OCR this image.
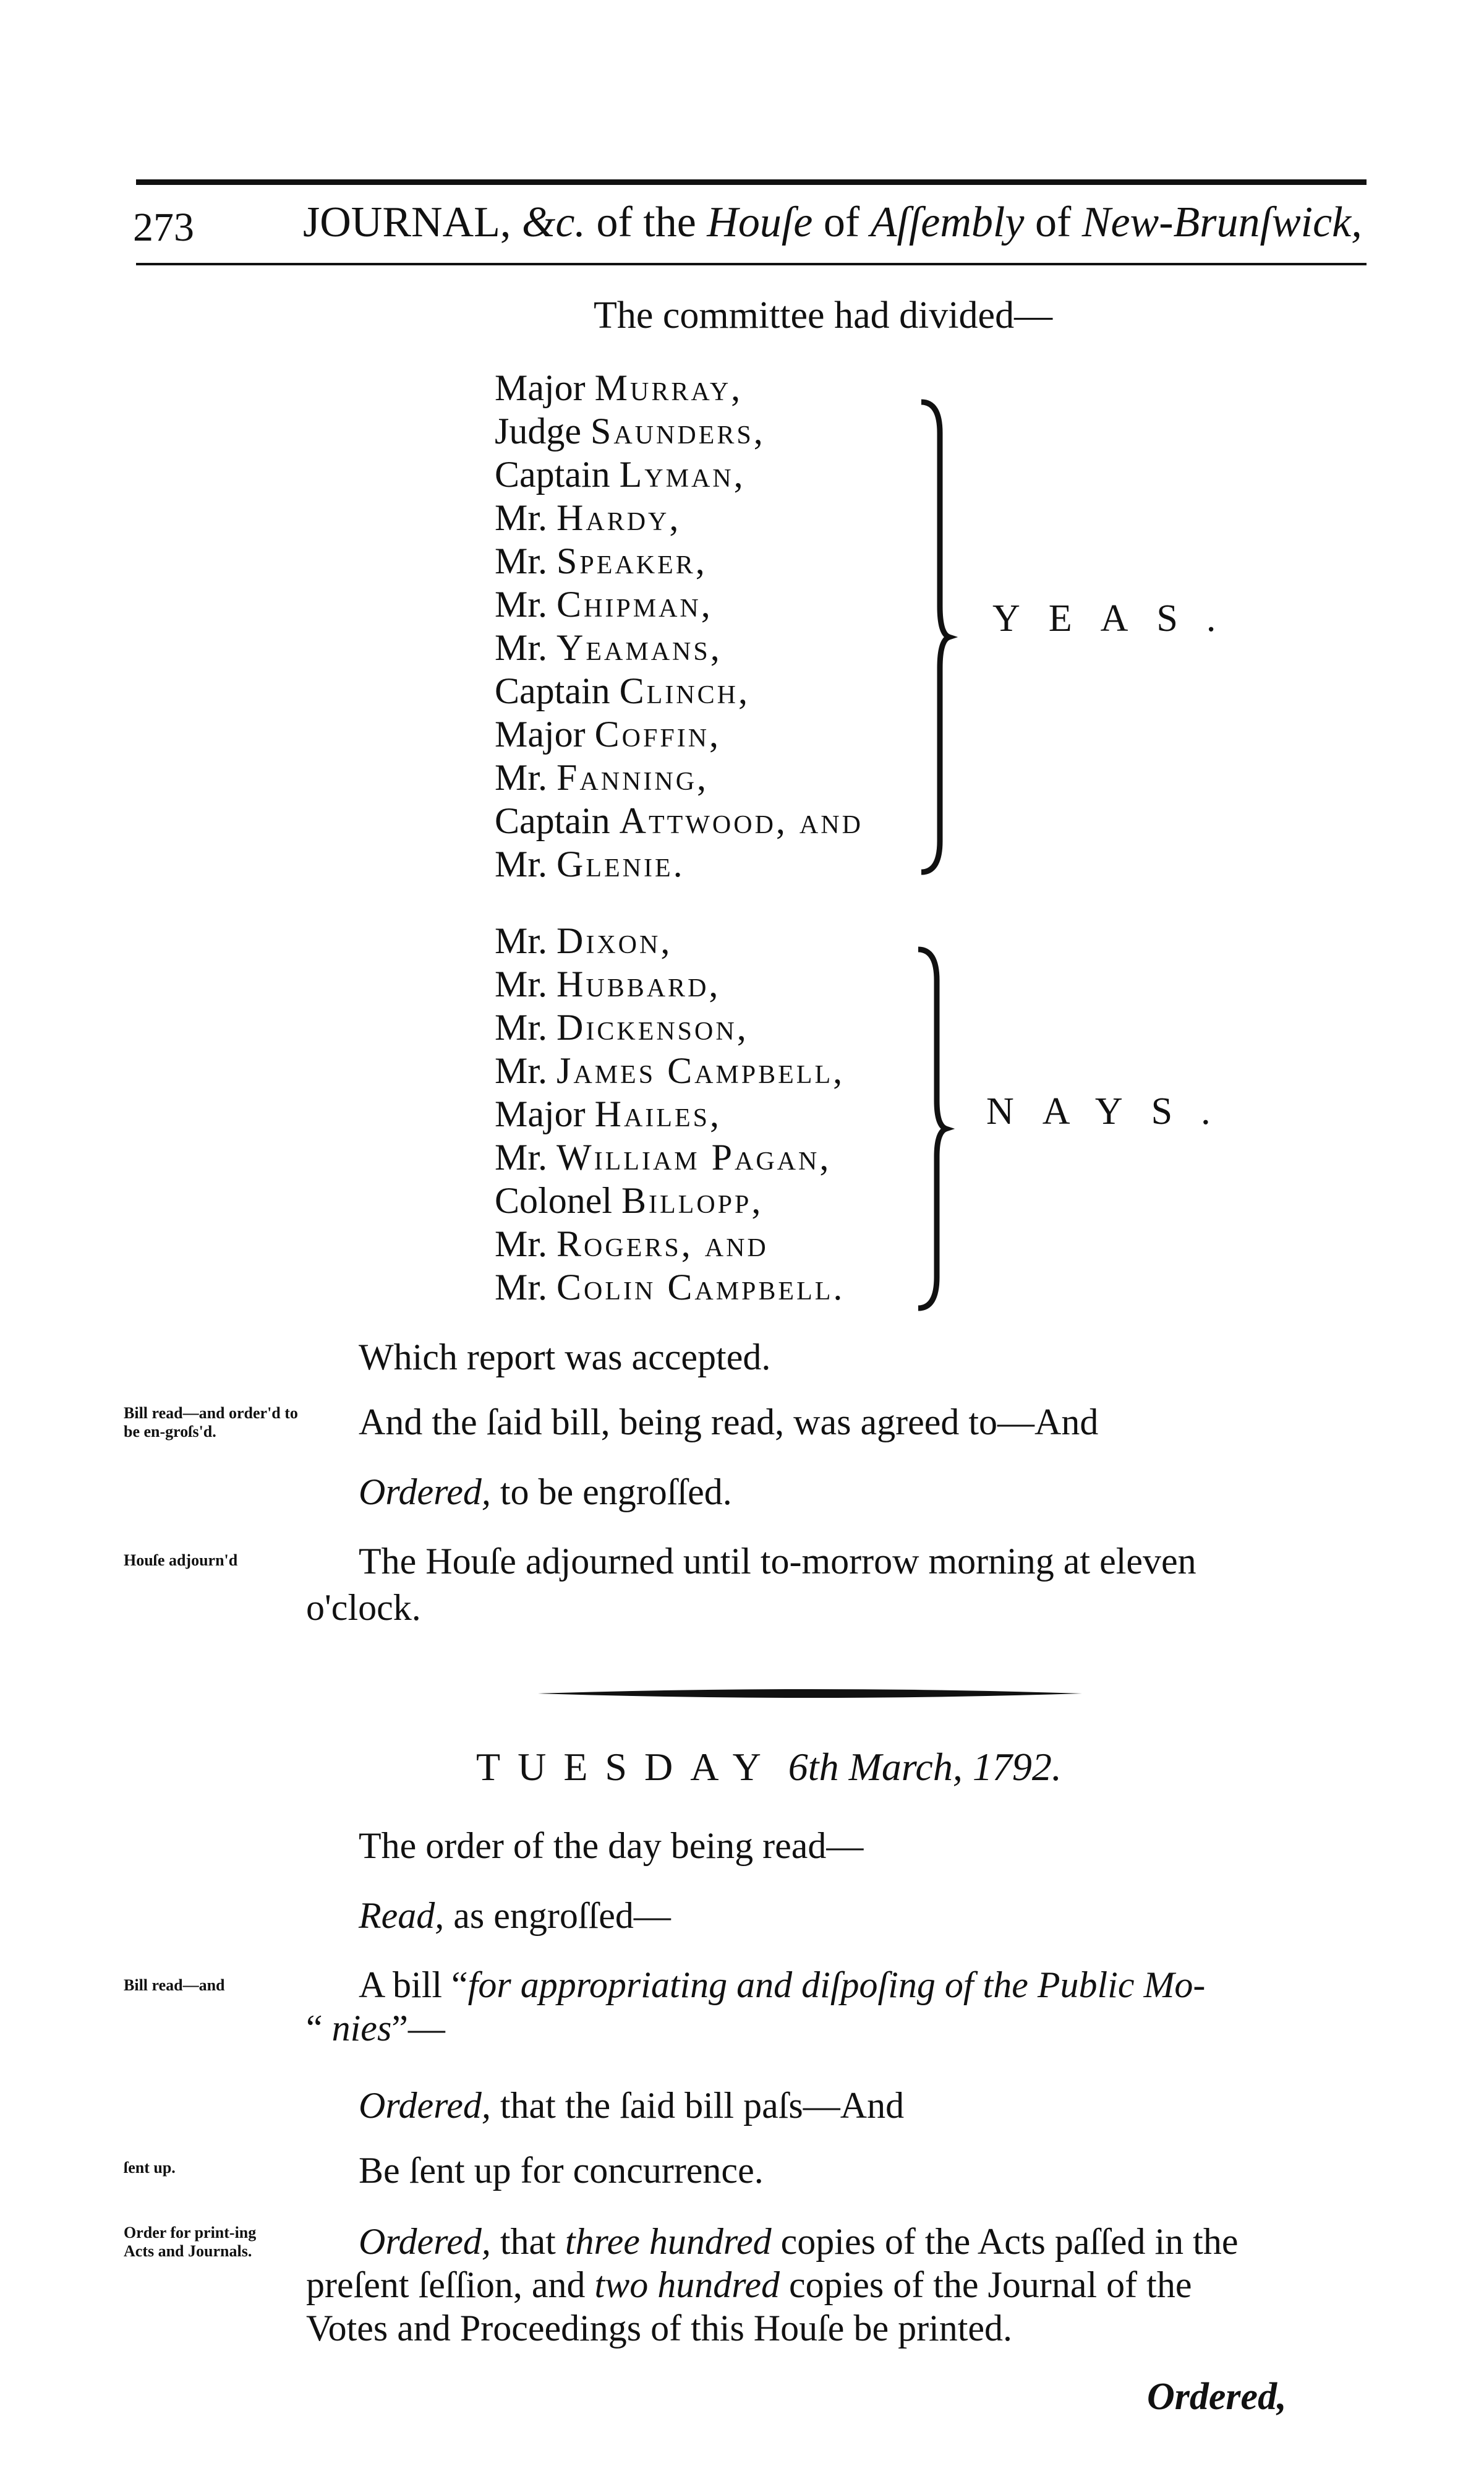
273	JOURNAL, &c. of the Houſe of Aſſembly of New-Brunſwick,
The committee had divided—
Major Murray,
Judge Saunders,
Captain Lyman,
Mr. Hardy,
Mr. Speaker,
Mr. Chipman,
Mr. Yeamans,
Captain Clinch,
Major Coffin,
Mr. Fanning,
Captain Attwood, and
Mr. Glenie.
YEAS.
Mr. Dixon,
Mr. Hubbard,
Mr. Dickenson,
Mr. James Campbell,
Major Hailes,
Mr. William Pagan,
Colonel Billopp,
Mr. Rogers, and
Mr. Colin Campbell.
NAYS.
Which report was accepted.
Bill read—and order'd to be en-groſs'd.	And the ſaid bill, being read, was agreed to—And
Ordered, to be engroſſed.
Houſe adjourn'd	The Houſe adjourned until to-morrow morning at eleven
o'clock.
TUESDAY 6th March, 1792.
The order of the day being read—
Read, as engroſſed—
Bill read—and	A bill “for appropriating and diſpoſing of the Public Mo-
“ nies”—
Ordered, that the ſaid bill paſs—And
ſent up.	Be ſent up for concurrence.
Order for print-ing Acts and Journals.	Ordered, that three hundred copies of the Acts paſſed in the
preſent ſeſſion, and two hundred copies of the Journal of the
Votes and Proceedings of this Houſe be printed.
Ordered,
